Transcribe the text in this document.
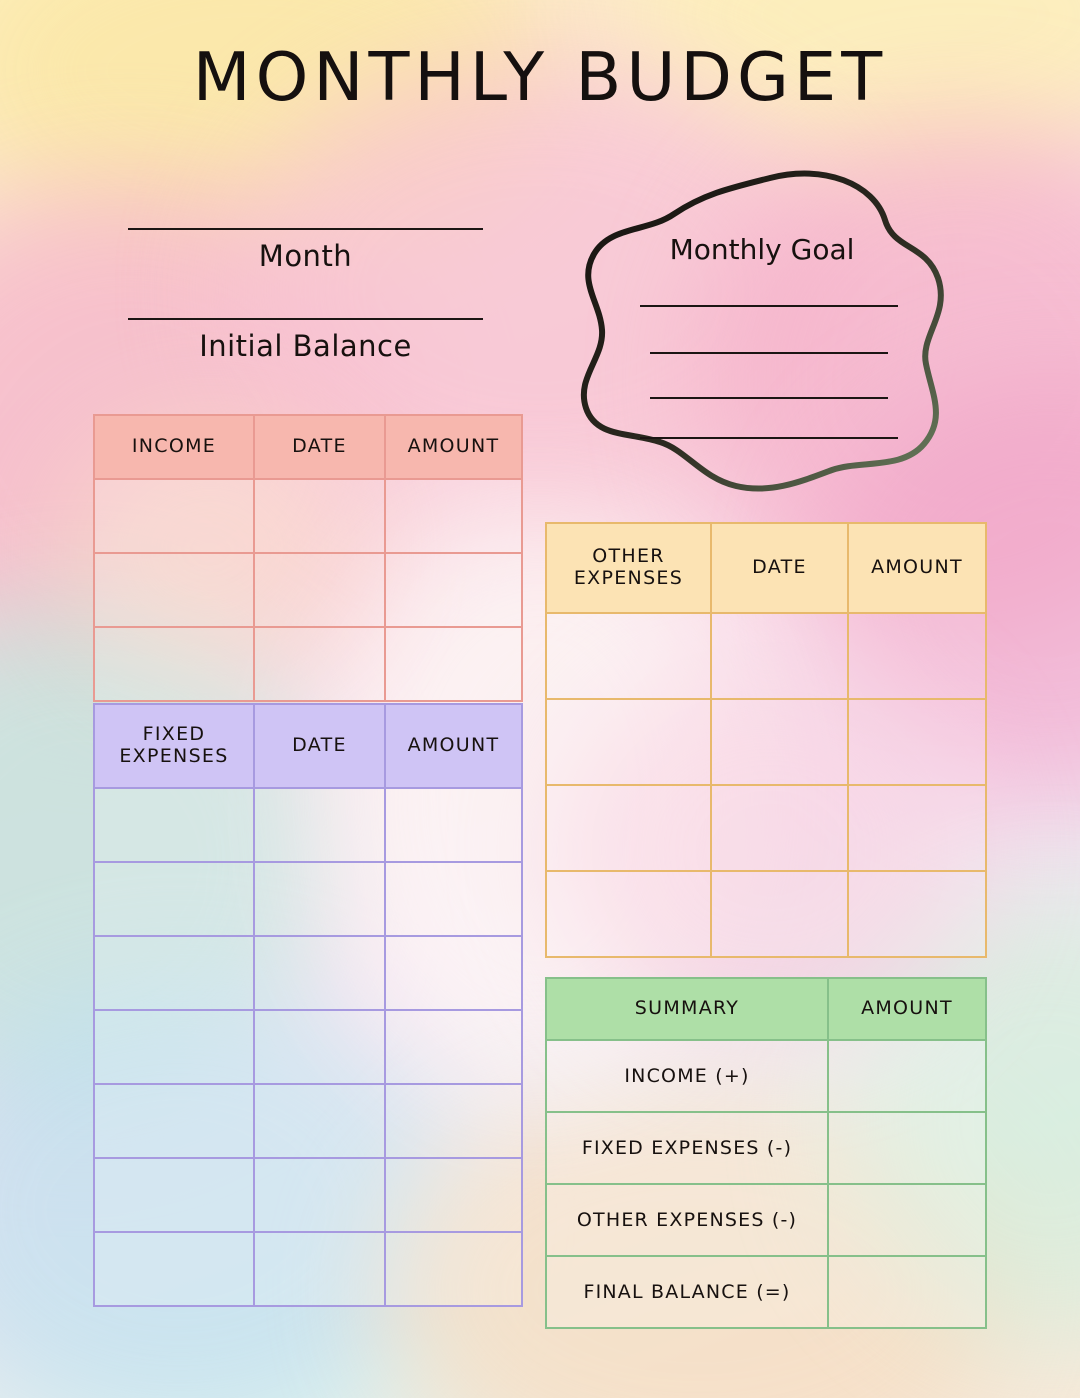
MONTHLY BUDGET
Month
Initial Balance
Monthly Goal
INCOME	DATE	AMOUNT

FIXED
EXPENSES	DATE	AMOUNT

OTHER
EXPENSES	DATE	AMOUNT

SUMMARY	AMOUNT
INCOME (+)	
FIXED EXPENSES (-)	
OTHER EXPENSES (-)	
FINAL BALANCE (=)	
